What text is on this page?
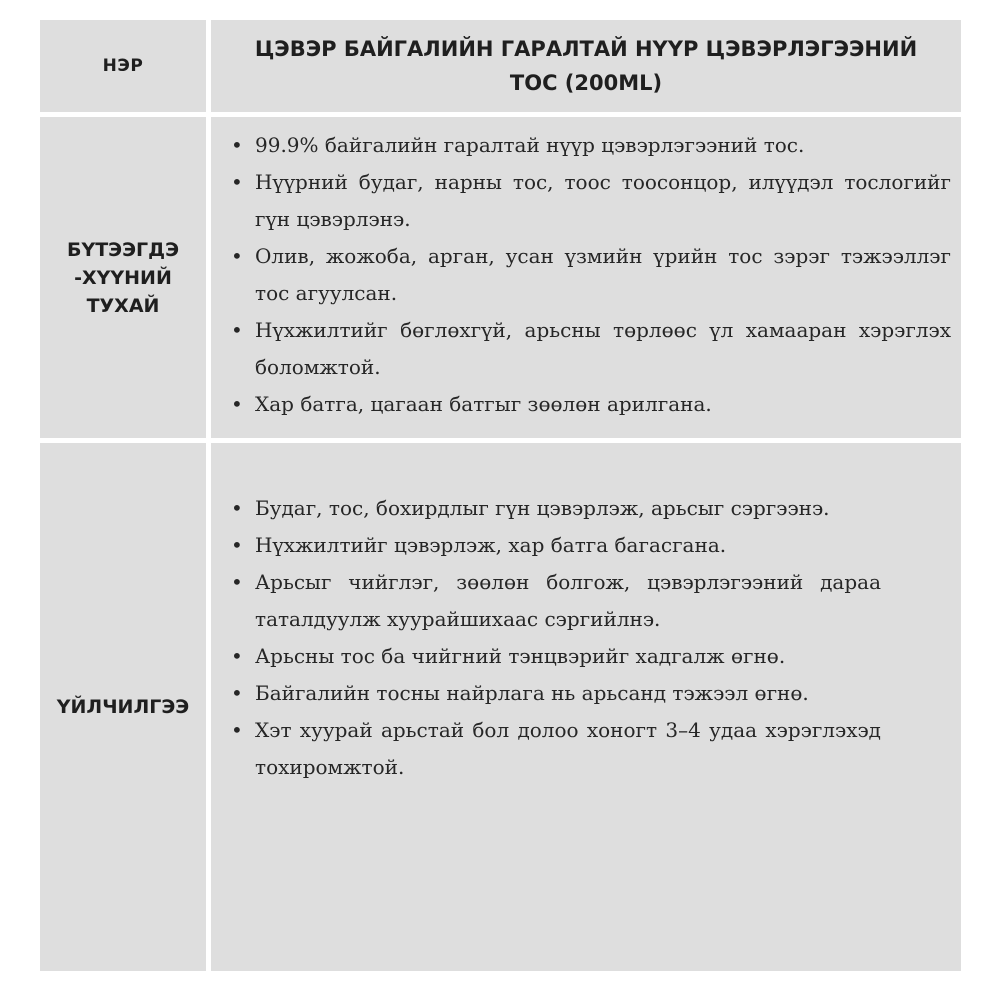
НЭР
ЦЭВЭР БАЙГАЛИЙН ГАРАЛТАЙ НҮҮР ЦЭВЭРЛЭГЭЭНИЙ ТОС (200ML)
БҮТЭЭГДЭ -ХҮҮНИЙ ТУХАЙ
• 99.9% байгалийн гаралтай нүүр цэвэрлэгээний тос.
• Нүүрний будаг, нарны тос, тоос тоосонцор, илүүдэл тослогийг гүн цэвэрлэнэ.
• Олив, жожоба, арган, усан үзмийн үрийн тос зэрэг тэжээллэг тос агуулсан.
• Нүхжилтийг бөглөхгүй, арьсны төрлөөс үл хамааран хэрэглэх боломжтой.
• Хар батга, цагаан батгыг зөөлөн арилгана.
ҮЙЛЧИЛГЭЭ
• Будаг, тос, бохирдлыг гүн цэвэрлэж, арьсыг сэргээнэ.
• Нүхжилтийг цэвэрлэж, хар батга багасгана.
• Арьсыг чийглэг, зөөлөн болгож, цэвэрлэгээний дараа таталдуулж хуурайшихаас сэргийлнэ.
• Арьсны тос ба чийгний тэнцвэрийг хадгалж өгнө.
• Байгалийн тосны найрлага нь арьсанд тэжээл өгнө.
• Хэт хуурай арьстай бол долоо хоногт 3–4 удаа хэрэглэхэд тохиромжтой.
